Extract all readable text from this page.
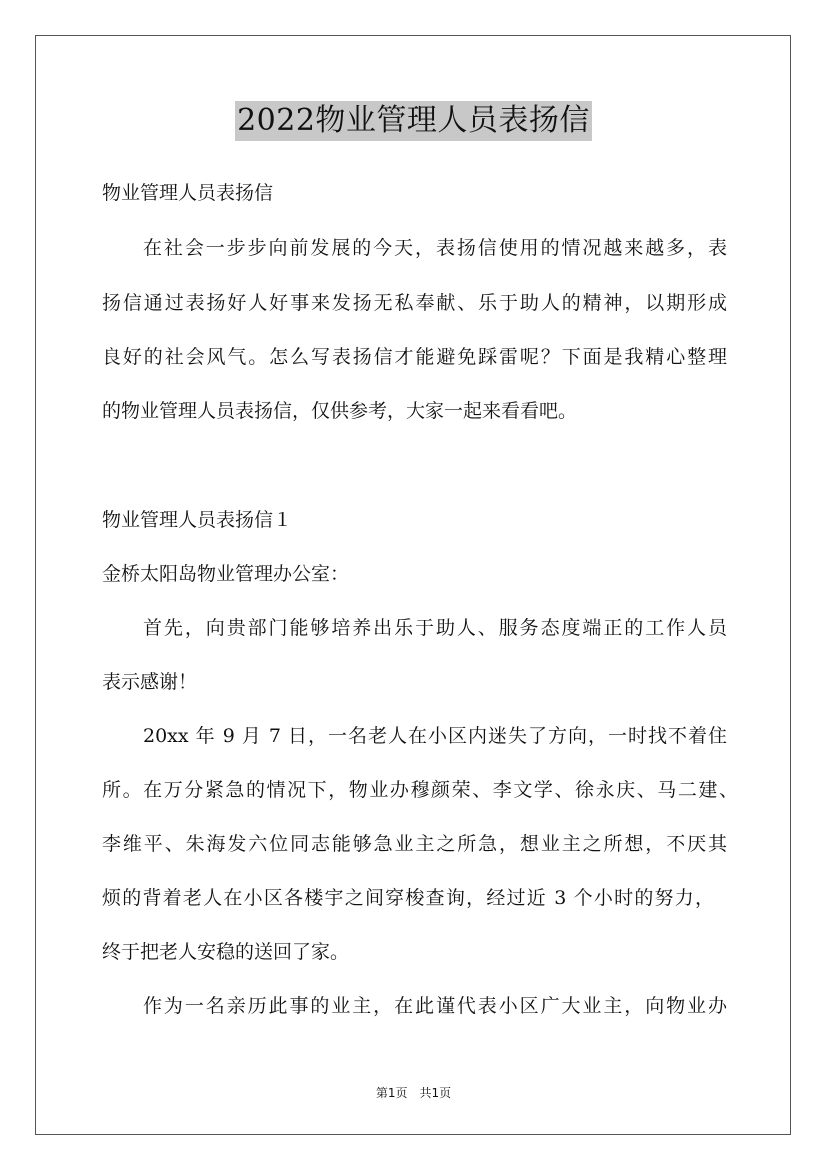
2022物业管理人员表扬信
物业管理人员表扬信
在社会一步步向前发展的今天，表扬信使用的情况越来越多，表
扬信通过表扬好人好事来发扬无私奉献、乐于助人的精神，以期形成
良好的社会风气。怎么写表扬信才能避免踩雷呢？下面是我精心整理
的物业管理人员表扬信，仅供参考，大家一起来看看吧。
物业管理人员表扬信１
金桥太阳岛物业管理办公室：
首先，向贵部门能够培养出乐于助人、服务态度端正的工作人员
表示感谢！
20xx 年 9 月 7 日，一名老人在小区内迷失了方向，一时找不着住
所。在万分紧急的情况下，物业办穆颜荣、李文学、徐永庆、马二建、
李维平、朱海发六位同志能够急业主之所急，想业主之所想，不厌其
烦的背着老人在小区各楼宇之间穿梭查询，经过近 3 个小时的努力，
终于把老人安稳的送回了家。
作为一名亲历此事的业主，在此谨代表小区广大业主，向物业办
第1页　共1页
